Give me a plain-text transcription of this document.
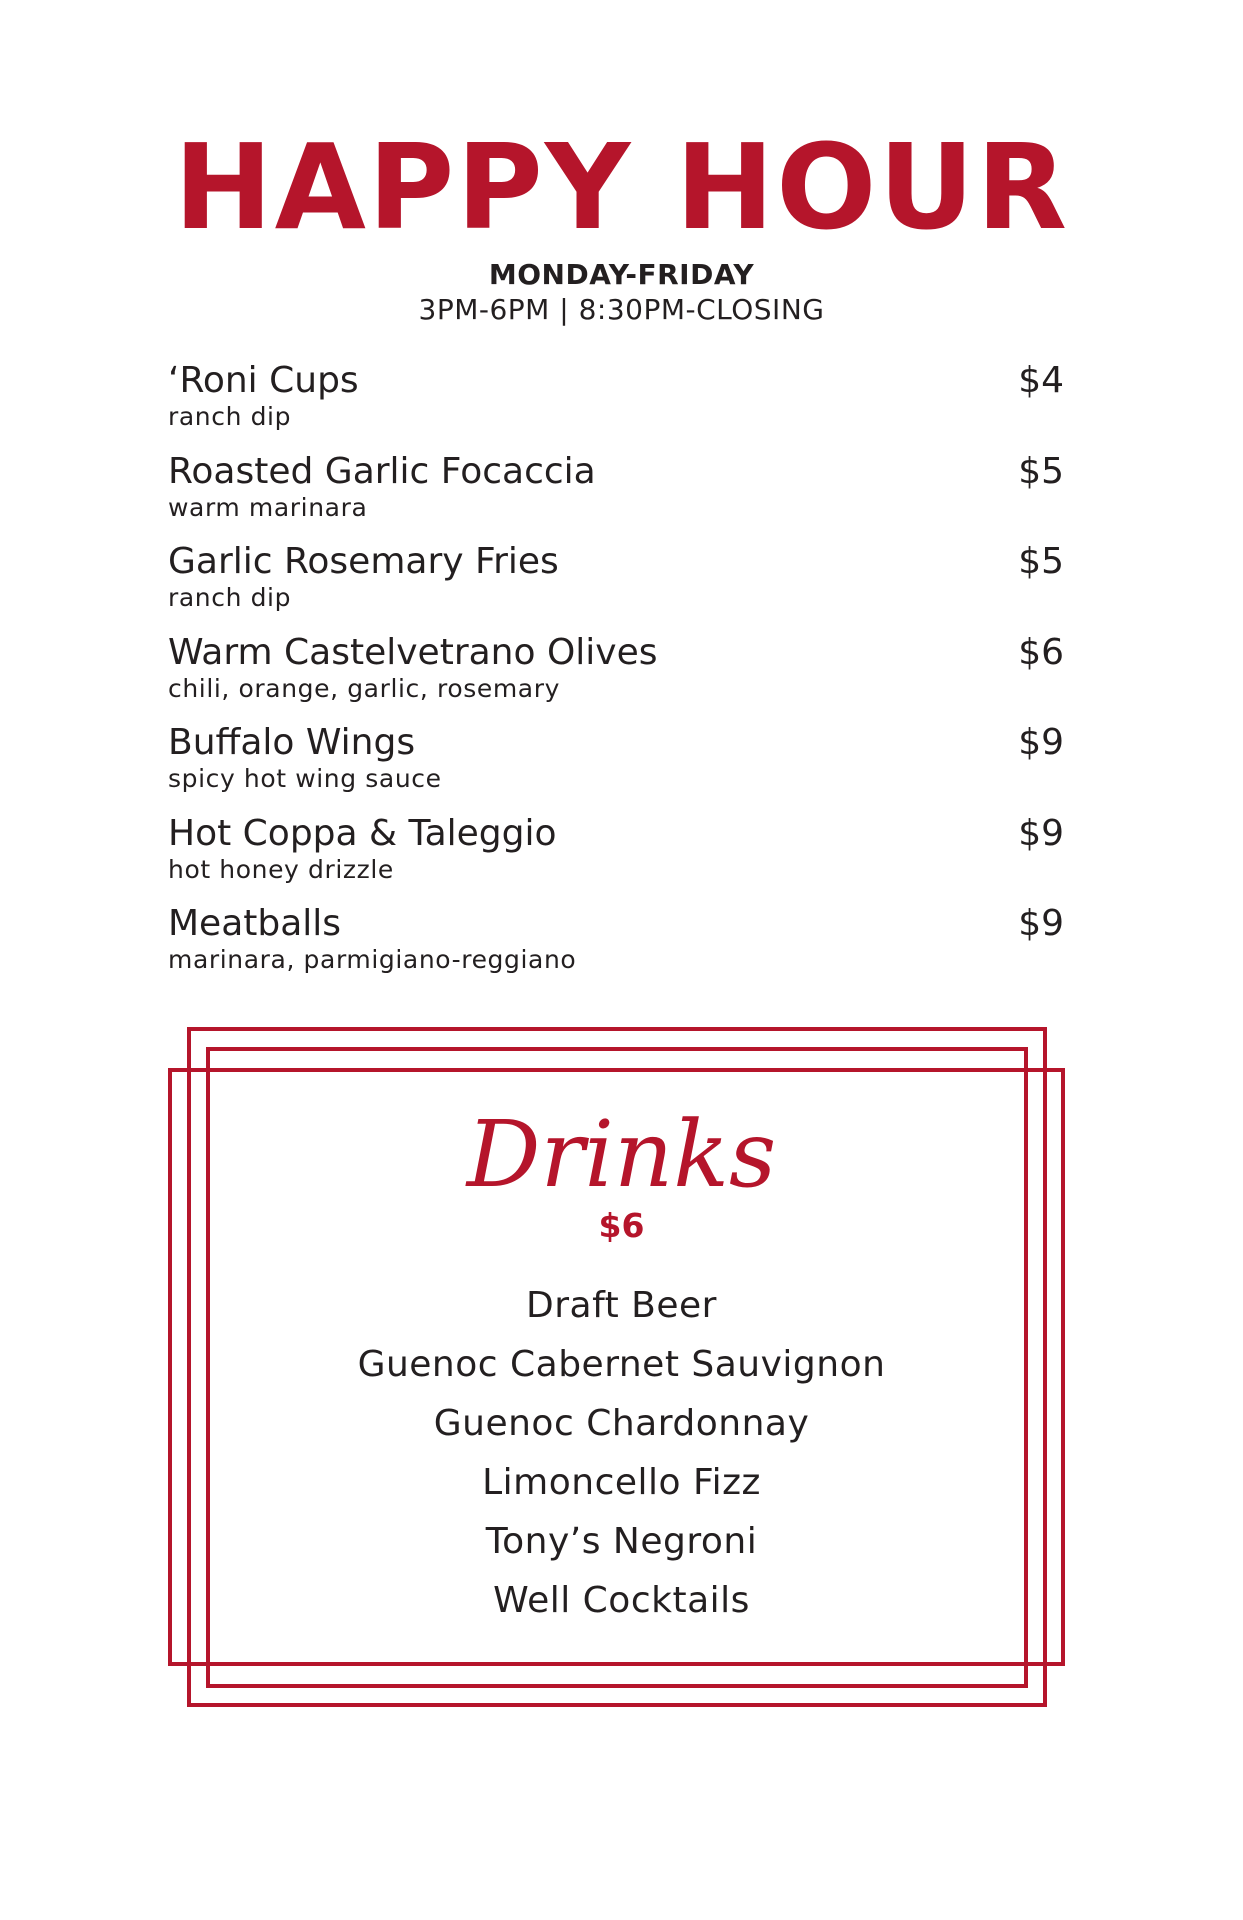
HAPPY HOUR
MONDAY-FRIDAY
3PM-6PM | 8:30PM-CLOSING
‘Roni Cups
ranch dip
$4
Roasted Garlic Focaccia
warm marinara
$5
Garlic Rosemary Fries
ranch dip
$5
Warm Castelvetrano Olives
chili, orange, garlic, rosemary
$6
Buffalo Wings
spicy hot wing sauce
$9
Hot Coppa & Taleggio
hot honey drizzle
$9
Meatballs
marinara, parmigiano-reggiano
$9
Drinks
$6
Draft Beer
Guenoc Cabernet Sauvignon
Guenoc Chardonnay
Limoncello Fizz
Tony’s Negroni
Well Cocktails
